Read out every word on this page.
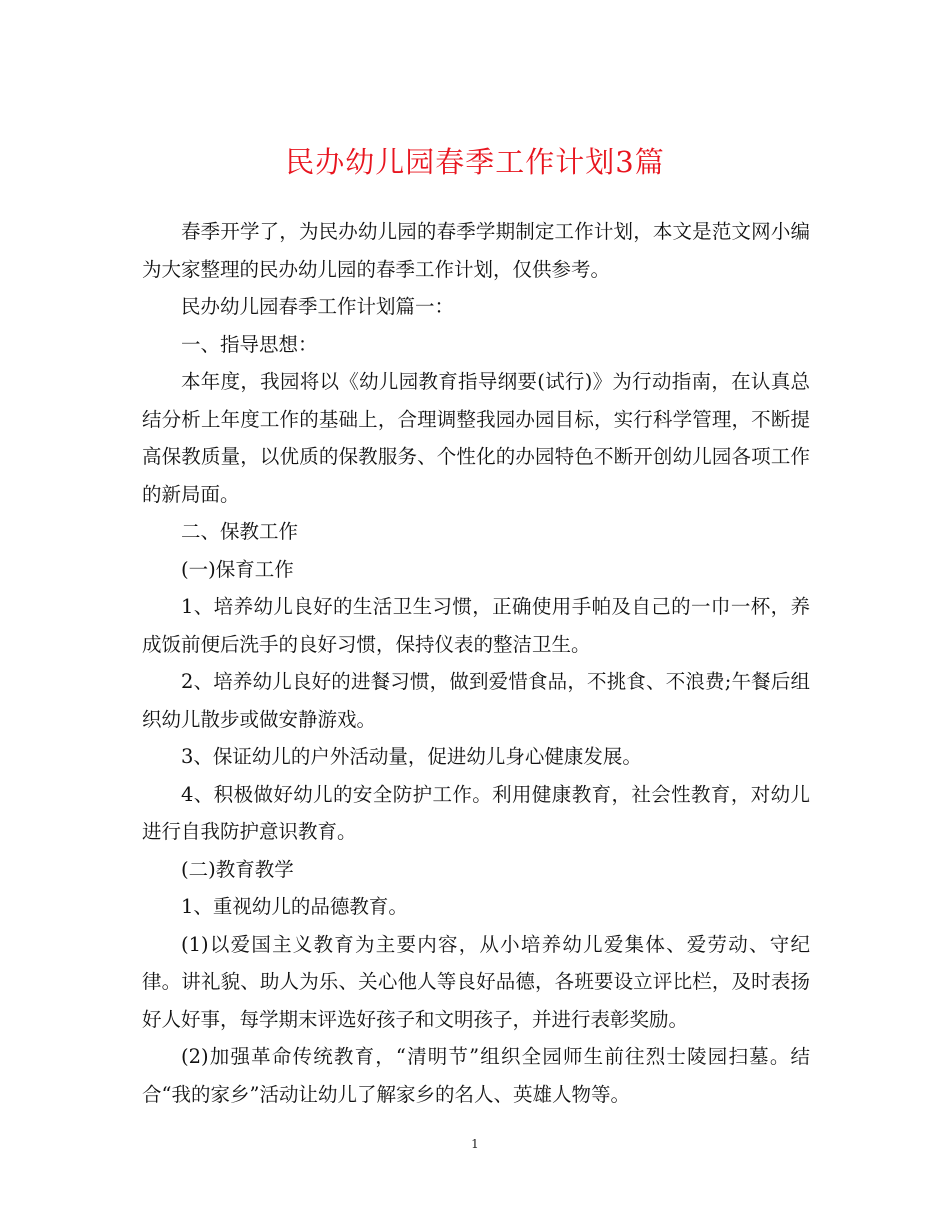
民办幼儿园春季工作计划3篇

春季开学了，为民办幼儿园的春季学期制定工作计划，本文是范文网小编为大家整理的民办幼儿园的春季工作计划，仅供参考。

民办幼儿园春季工作计划篇一：

一、指导思想：

本年度，我园将以《幼儿园教育指导纲要(试行)》为行动指南，在认真总结分析上年度工作的基础上，合理调整我园办园目标，实行科学管理，不断提高保教质量，以优质的保教服务、个性化的办园特色不断开创幼儿园各项工作的新局面。

二、保教工作

(一)保育工作

1、培养幼儿良好的生活卫生习惯，正确使用手帕及自己的一巾一杯，养成饭前便后洗手的良好习惯，保持仪表的整洁卫生。

2、培养幼儿良好的进餐习惯，做到爱惜食品，不挑食、不浪费;午餐后组织幼儿散步或做安静游戏。

3、保证幼儿的户外活动量，促进幼儿身心健康发展。

4、积极做好幼儿的安全防护工作。利用健康教育，社会性教育，对幼儿进行自我防护意识教育。

(二)教育教学

1、重视幼儿的品德教育。

(1)以爱国主义教育为主要内容，从小培养幼儿爱集体、爱劳动、守纪律。讲礼貌、助人为乐、关心他人等良好品德，各班要设立评比栏，及时表扬好人好事，每学期末评选好孩子和文明孩子，并进行表彰奖励。

(2)加强革命传统教育，“清明节”组织全园师生前往烈士陵园扫墓。结合“我的家乡”活动让幼儿了解家乡的名人、英雄人物等。

1
